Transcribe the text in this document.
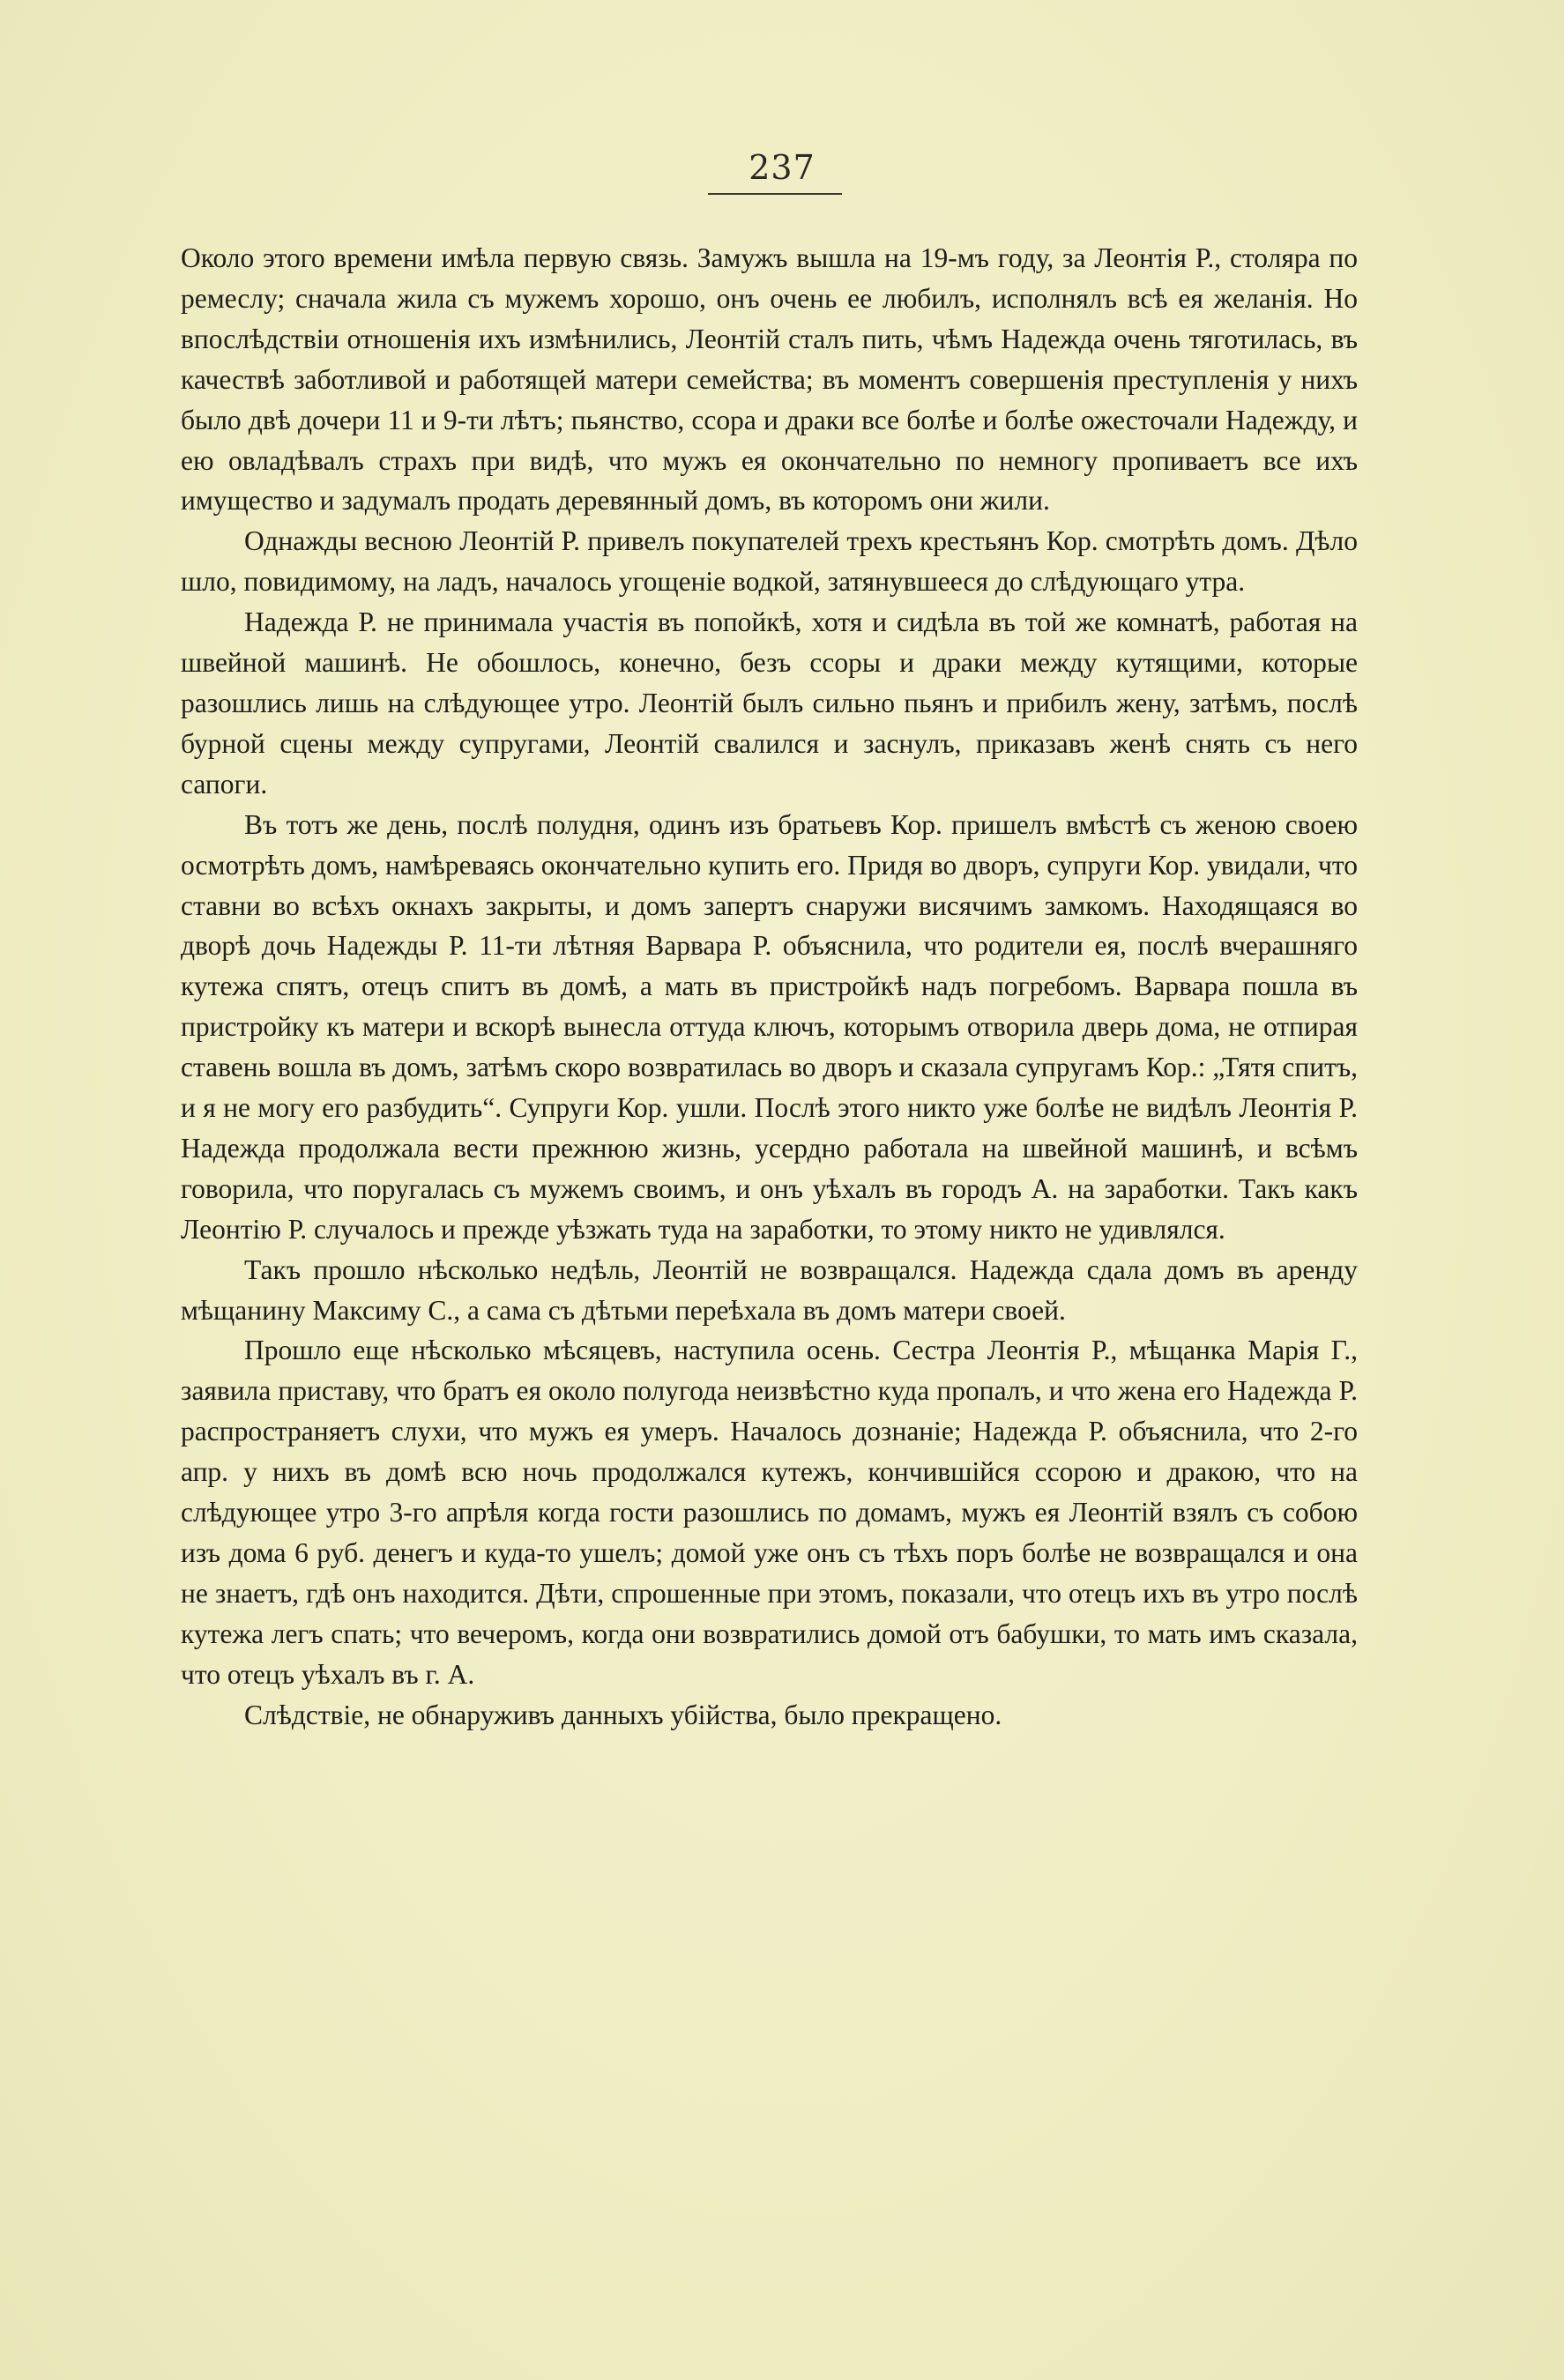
237

Около этого времени имѣла первую связь. Замужъ вышла на 19-мъ году, за Леонтія Р., столяра по ремеслу; сначала жила съ мужемъ хорошо, онъ очень ее любилъ, исполнялъ всѣ ея желанія. Но впослѣдствіи отношенія ихъ измѣнились, Леонтій сталъ пить, чѣмъ Надежда очень тяготилась, въ качествѣ заботливой и работящей матери семейства; въ моментъ совершенія преступленія у нихъ было двѣ дочери 11 и 9-ти лѣтъ; пьянство, ссора и драки все болѣе и болѣе ожесточали Надежду, и ею овладѣвалъ страхъ при видѣ, что мужъ ея окончательно по немногу пропиваетъ все ихъ имущество и задумалъ продать деревянный домъ, въ которомъ они жили.

Однажды весною Леонтій Р. привелъ покупателей трехъ крестьянъ Кор. смотрѣть домъ. Дѣло шло, повидимому, на ладъ, началось угощеніе водкой, затянувшееся до слѣдующаго утра.

Надежда Р. не принимала участія въ попойкѣ, хотя и сидѣла въ той же комнатѣ, работая на швейной машинѣ. Не обошлось, конечно, безъ ссоры и драки между кутящими, которые разошлись лишь на слѣдующее утро. Леонтій былъ сильно пьянъ и прибилъ жену, затѣмъ, послѣ бурной сцены между супругами, Леонтій свалился и заснулъ, приказавъ женѣ снять съ него сапоги.

Въ тотъ же день, послѣ полудня, одинъ изъ братьевъ Кор. пришелъ вмѣстѣ съ женою своею осмотрѣть домъ, намѣреваясь окончательно купить его. Придя во дворъ, супруги Кор. увидали, что ставни во всѣхъ окнахъ закрыты, и домъ запертъ снаружи висячимъ замкомъ. Находящаяся во дворѣ дочь Надежды Р. 11-ти лѣтняя Варвара Р. объяснила, что родители ея, послѣ вчерашняго кутежа спятъ, отецъ спитъ въ домѣ, а мать въ пристройкѣ надъ погребомъ. Варвара пошла въ пристройку къ матери и вскорѣ вынесла оттуда ключъ, которымъ отворила дверь дома, не отпирая ставень вошла въ домъ, затѣмъ скоро возвратилась во дворъ и сказала супругамъ Кор.: „Тятя спитъ, и я не могу его разбудить“. Супруги Кор. ушли. Послѣ этого никто уже болѣе не видѣлъ Леонтія Р. Надежда продолжала вести прежнюю жизнь, усердно работала на швейной машинѣ, и всѣмъ говорила, что поругалась съ мужемъ своимъ, и онъ уѣхалъ въ городъ А. на заработки. Такъ какъ Леонтію Р. случалось и прежде уѣзжать туда на заработки, то этому никто не удивлялся.

Такъ прошло нѣсколько недѣль, Леонтій не возвращался. Надежда сдала домъ въ аренду мѣщанину Максиму С., а сама съ дѣтьми переѣхала въ домъ матери своей.

Прошло еще нѣсколько мѣсяцевъ, наступила осень. Сестра Леонтія Р., мѣщанка Марія Г., заявила приставу, что братъ ея около полугода неизвѣстно куда пропалъ, и что жена его Надежда Р. распространяетъ слухи, что мужъ ея умеръ. Началось дознаніе; Надежда Р. объяснила, что 2-го апр. у нихъ въ домѣ всю ночь продолжался кутежъ, кончившійся ссорою и дракою, что на слѣдующее утро 3-го апрѣля когда гости разошлись по домамъ, мужъ ея Леонтій взялъ съ собою изъ дома 6 руб. денегъ и куда-то ушелъ; домой уже онъ съ тѣхъ поръ болѣе не возвращался и она не знаетъ, гдѣ онъ находится. Дѣти, спрошенные при этомъ, показали, что отецъ ихъ въ утро послѣ кутежа легъ спать; что вечеромъ, когда они возвратились домой отъ бабушки, то мать имъ сказала, что отецъ уѣхалъ въ г. А.

Слѣдствіе, не обнаруживъ данныхъ убійства, было прекращено.
